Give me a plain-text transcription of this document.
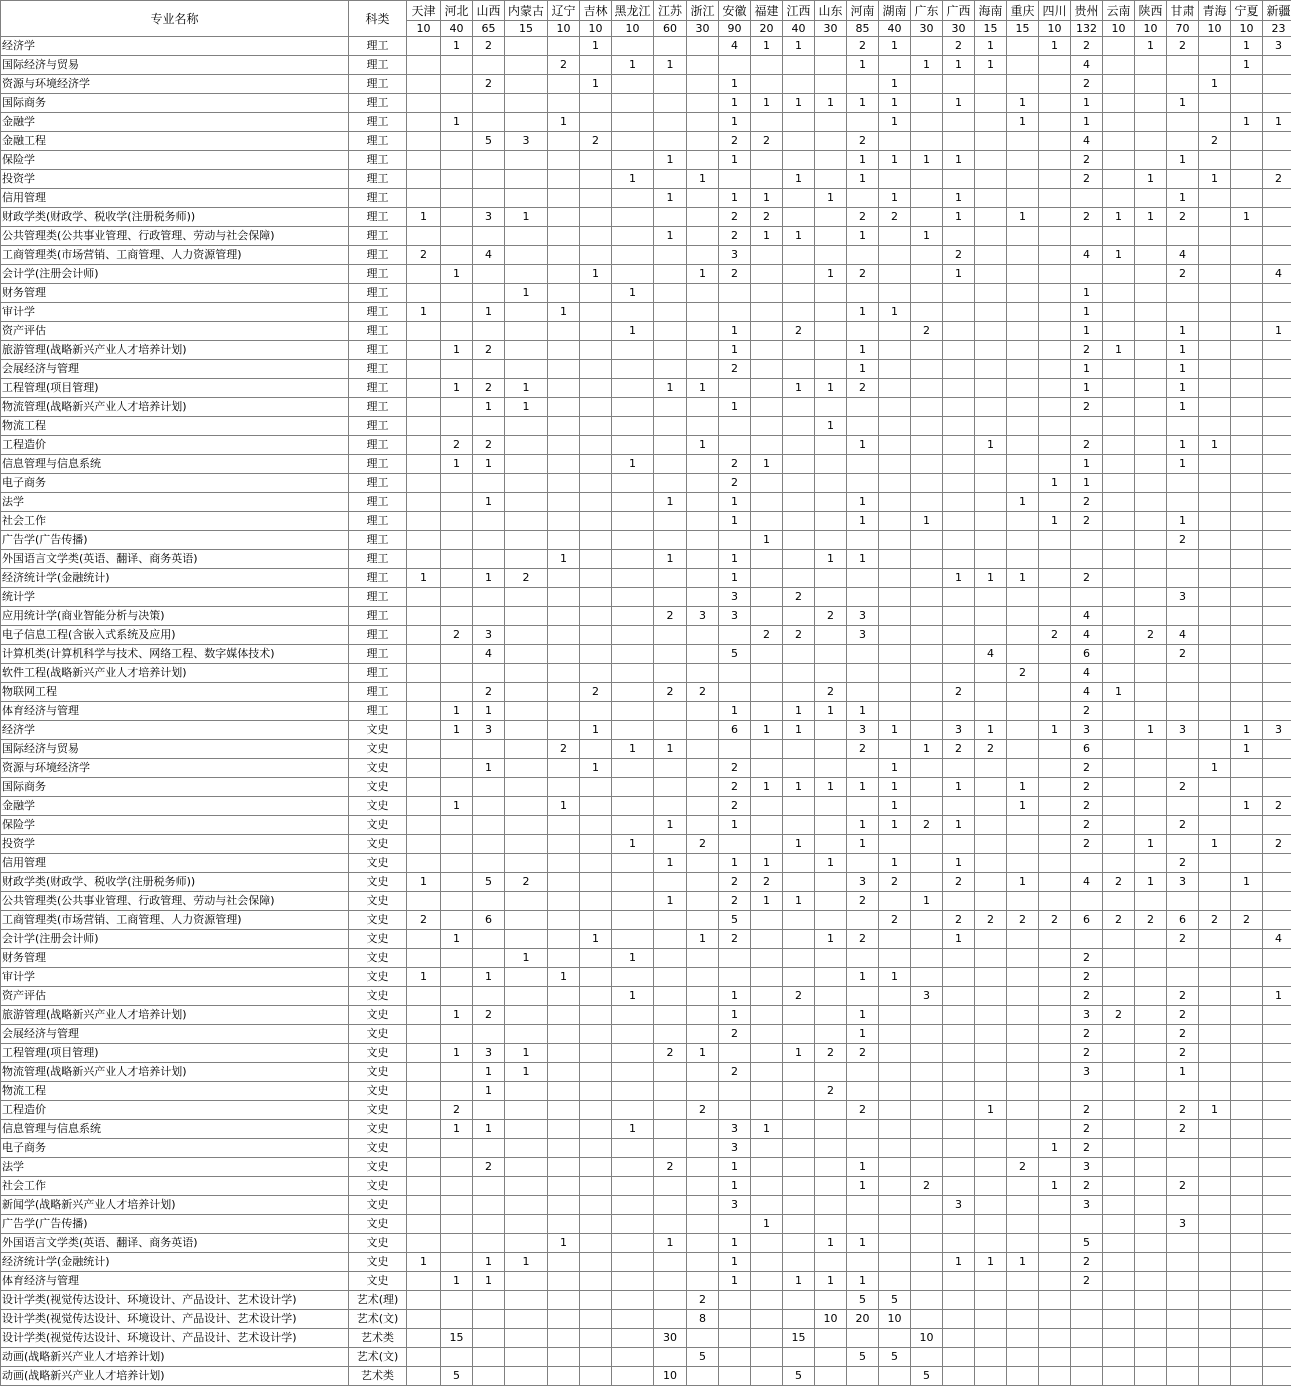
专业名称	科类	天津	河北	山西	内蒙古	辽宁	吉林	黑龙江	江苏	浙江	安徽	福建	江西	山东	河南	湖南	广东	广西	海南	重庆	四川	贵州	云南	陕西	甘肃	青海	宁夏	新疆
		10	40	65	15	10	10	10	60	30	90	20	40	30	85	40	30	30	15	15	10	132	10	10	70	10	10	23
经济学	理工		1	2			1				4	1	1		2	1		2	1		1	2		1	2		1	3
国际经济与贸易	理工					2		1	1						1		1	1	1			4					1	
资源与环境经济学	理工			2			1				1					1						2				1		
国际商务	理工										1	1	1	1	1	1		1		1		1			1			
金融学	理工		1			1					1					1				1		1					1	1
金融工程	理工			5	3		2				2	2			2							4				2		
保险学	理工								1		1				1	1	1	1				2			1			
投资学	理工							1		1			1		1							2		1		1		2
信用管理	理工								1		1	1		1		1		1							1			
财政学类(财政学、税收学(注册税务师))	理工	1		3	1						2	2			2	2		1		1		2	1	1	2		1	
公共管理类(公共事业管理、行政管理、劳动与社会保障)	理工								1		2	1	1		1		1											
工商管理类(市场营销、工商管理、人力资源管理)	理工	2		4							3							2				4	1		4			
会计学(注册会计师)	理工		1				1			1	2			1	2			1							2			4
财务管理	理工				1			1														1						
审计学	理工	1		1		1									1	1						1						
资产评估	理工							1			1		2				2					1			1			1
旅游管理(战略新兴产业人才培养计划)	理工		1	2							1				1							2	1		1			
会展经济与管理	理工										2				1							1			1			
工程管理(项目管理)	理工		1	2	1				1	1			1	1	2							1			1			
物流管理(战略新兴产业人才培养计划)	理工			1	1						1											2			1			
物流工程	理工													1														
工程造价	理工		2	2						1					1				1			2			1	1		
信息管理与信息系统	理工		1	1				1			2	1										1			1			
电子商务	理工										2										1	1						
法学	理工			1					1		1				1					1		2						
社会工作	理工										1				1		1				1	2			1			
广告学(广告传播)	理工											1													2			
外国语言文学类(英语、翻译、商务英语)	理工					1			1		1			1	1													
经济统计学(金融统计)	理工	1		1	2						1							1	1	1		2						
统计学	理工										3		2												3			
应用统计学(商业智能分析与决策)	理工								2	3	3			2	3							4						
电子信息工程(含嵌入式系统及应用)	理工		2	3								2	2		3						2	4		2	4			
计算机类(计算机科学与技术、网络工程、数字媒体技术)	理工			4							5								4			6			2			
软件工程(战略新兴产业人才培养计划)	理工																			2		4						
物联网工程	理工			2			2		2	2				2				2				4	1					
体育经济与管理	理工		1	1							1		1	1	1							2						
经济学	文史		1	3			1				6	1	1		3	1		3	1		1	3		1	3		1	3
国际经济与贸易	文史					2		1	1						2		1	2	2			6					1	
资源与环境经济学	文史			1			1				2					1						2				1		
国际商务	文史										2	1	1	1	1	1		1		1		2			2			
金融学	文史		1			1					2					1				1		2					1	2
保险学	文史								1		1				1	1	2	1				2			2			
投资学	文史							1		2			1		1							2		1		1		2
信用管理	文史								1		1	1		1		1		1							2			
财政学类(财政学、税收学(注册税务师))	文史	1		5	2						2	2			3	2		2		1		4	2	1	3		1	
公共管理类(公共事业管理、行政管理、劳动与社会保障)	文史								1		2	1	1		2		1											
工商管理类(市场营销、工商管理、人力资源管理)	文史	2		6							5					2		2	2	2	2	6	2	2	6	2	2	
会计学(注册会计师)	文史		1				1			1	2			1	2			1							2			4
财务管理	文史				1			1														2						
审计学	文史	1		1		1									1	1						2						
资产评估	文史							1			1		2				3					2			2			1
旅游管理(战略新兴产业人才培养计划)	文史		1	2							1				1							3	2		2			
会展经济与管理	文史										2				1							2			2			
工程管理(项目管理)	文史		1	3	1				2	1			1	2	2							2			2			
物流管理(战略新兴产业人才培养计划)	文史			1	1						2											3			1			
物流工程	文史			1										2														
工程造价	文史		2							2					2				1			2			2	1		
信息管理与信息系统	文史		1	1				1			3	1										2			2			
电子商务	文史										3										1	2						
法学	文史			2					2		1				1					2		3						
社会工作	文史										1				1		2				1	2			2			
新闻学(战略新兴产业人才培养计划)	文史										3							3				3						
广告学(广告传播)	文史											1													3			
外国语言文学类(英语、翻译、商务英语)	文史					1			1		1			1	1							5						
经济统计学(金融统计)	文史	1		1	1						1							1	1	1		2						
体育经济与管理	文史		1	1							1		1	1	1							2						
设计学类(视觉传达设计、环境设计、产品设计、艺术设计学)	艺术(理)									2					5	5												
设计学类(视觉传达设计、环境设计、产品设计、艺术设计学)	艺术(文)									8				10	20	10												
设计学类(视觉传达设计、环境设计、产品设计、艺术设计学)	艺术类		15						30				15				10											
动画(战略新兴产业人才培养计划)	艺术(文)									5					5	5												
动画(战略新兴产业人才培养计划)	艺术类		5						10				5				5											
